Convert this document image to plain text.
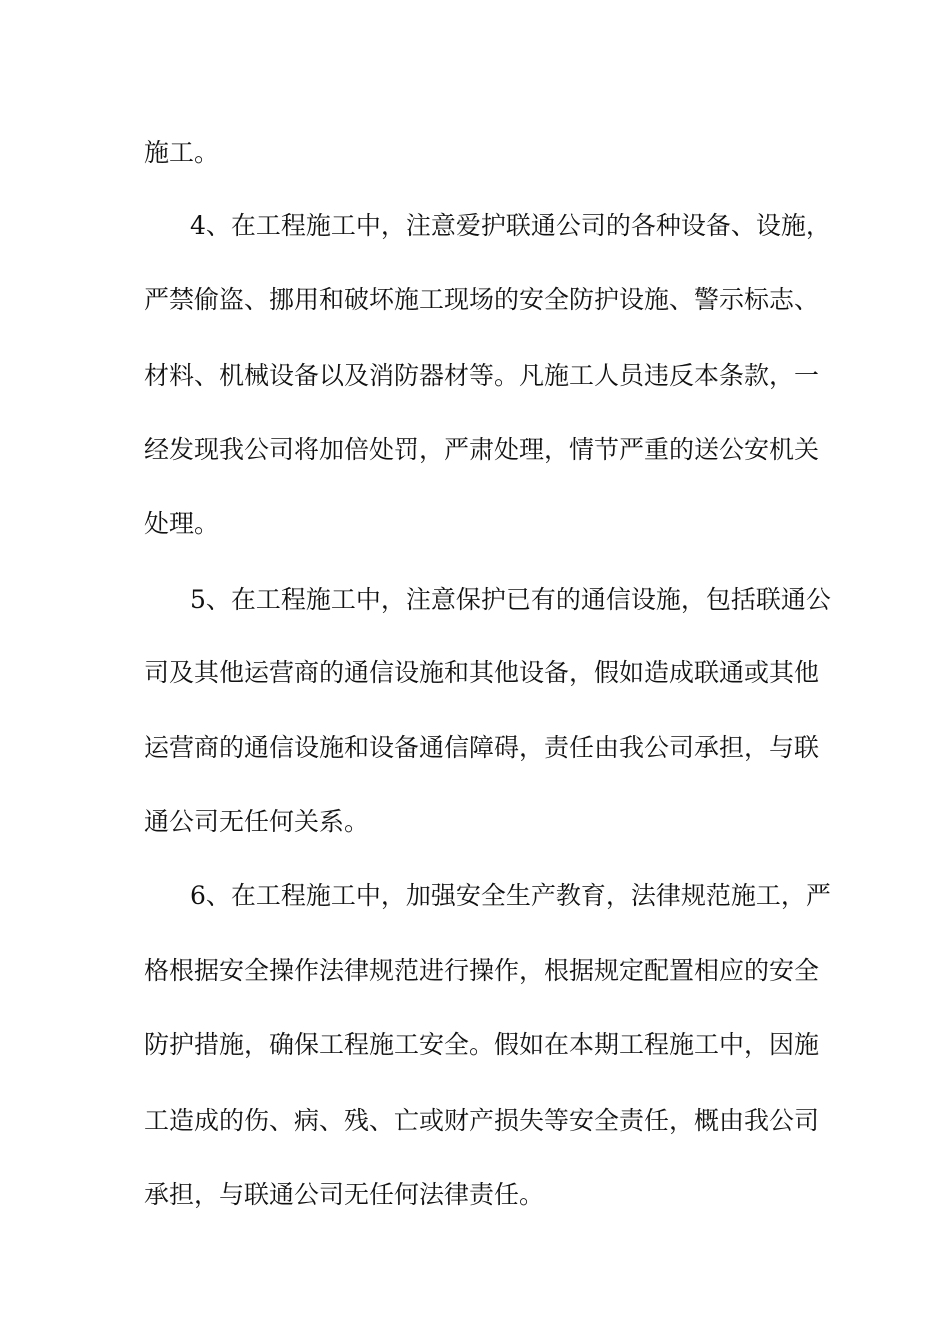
施工。
4、在工程施工中，注意爱护联通公司的各种设备、设施，
严禁偷盗、挪用和破坏施工现场的安全防护设施、警示标志、
材料、机械设备以及消防器材等。凡施工人员违反本条款，一
经发现我公司将加倍处罚，严肃处理，情节严重的送公安机关
处理。
5、在工程施工中，注意保护已有的通信设施，包括联通公
司及其他运营商的通信设施和其他设备，假如造成联通或其他
运营商的通信设施和设备通信障碍，责任由我公司承担，与联
通公司无任何关系。
6、在工程施工中，加强安全生产教育，法律规范施工，严
格根据安全操作法律规范进行操作，根据规定配置相应的安全
防护措施，确保工程施工安全。假如在本期工程施工中，因施
工造成的伤、病、残、亡或财产损失等安全责任，概由我公司
承担，与联通公司无任何法律责任。
